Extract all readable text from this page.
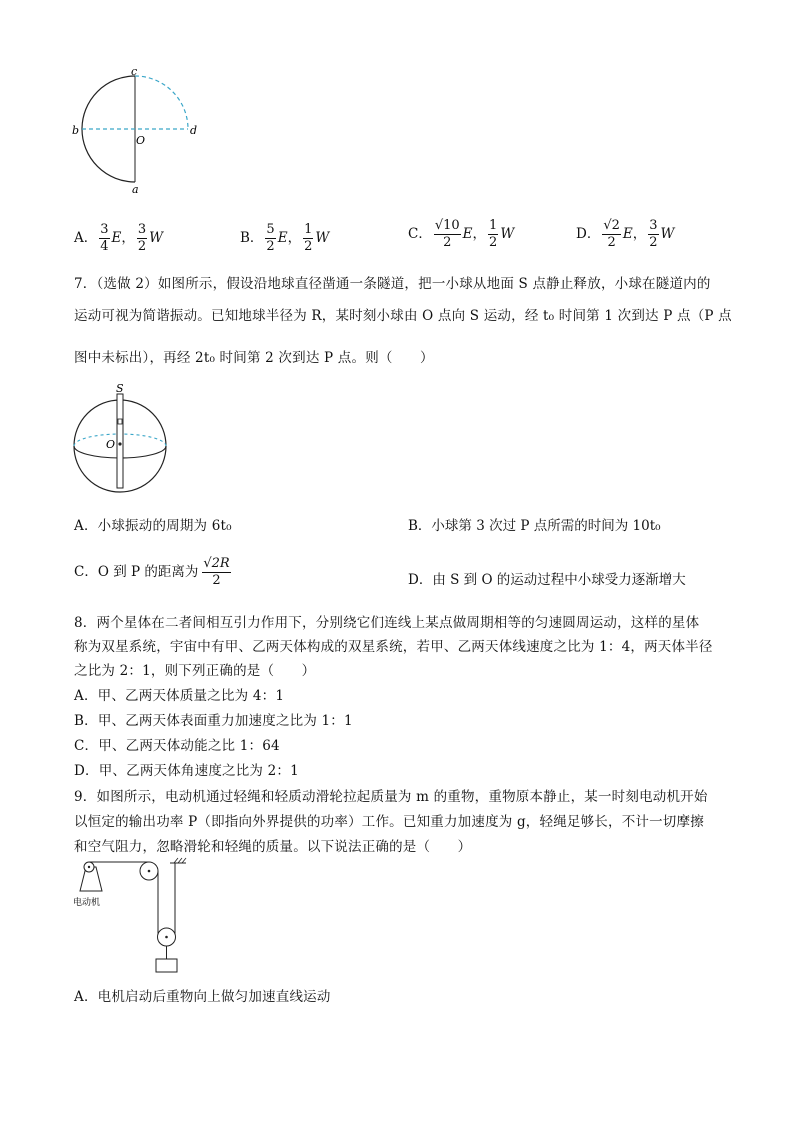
c
b
O
d
a
A． $\frac{3}{4}$ E， $\frac{3}{2}$ W	B． $\frac{5}{2}$ E， $\frac{1}{2}$ W	C． $\frac{√10}{2}$ E， $\frac{1}{2}$ W	D． $\frac{√2}{2}$ E， $\frac{3}{2}$ W
7．（选做 2）如图所示，假设沿地球直径凿通一条隧道，把一小球从地面 S 点静止释放，小球在隧道内的
运动可视为简谐振动。已知地球半径为 R，某时刻小球由 O 点向 S 运动，经 t₀ 时间第 1 次到达 P 点（P 点
图中未标出），再经 2t₀ 时间第 2 次到达 P 点。则（　　）
S
O
A．小球振动的周期为 6t₀	B．小球第 3 次过 P 点所需的时间为 10t₀
C．O 到 P 的距离为 $\frac{√2R}{2}$	D．由 S 到 O 的运动过程中小球受力逐渐增大
8．两个星体在二者间相互引力作用下，分别绕它们连线上某点做周期相等的匀速圆周运动，这样的星体
称为双星系统，宇宙中有甲、乙两天体构成的双星系统，若甲、乙两天体线速度之比为 1：4，两天体半径
之比为 2：1，则下列正确的是（　　）
A．甲、乙两天体质量之比为 4：1
B．甲、乙两天体表面重力加速度之比为 1：1
C．甲、乙两天体动能之比 1：64
D．甲、乙两天体角速度之比为 2：1
9．如图所示，电动机通过轻绳和轻质动滑轮拉起质量为 m 的重物，重物原本静止，某一时刻电动机开始
以恒定的输出功率 P（即指向外界提供的功率）工作。已知重力加速度为 g，轻绳足够长，不计一切摩擦
和空气阻力，忽略滑轮和轻绳的质量。以下说法正确的是（　　）
电动机
A．电机启动后重物向上做匀加速直线运动
